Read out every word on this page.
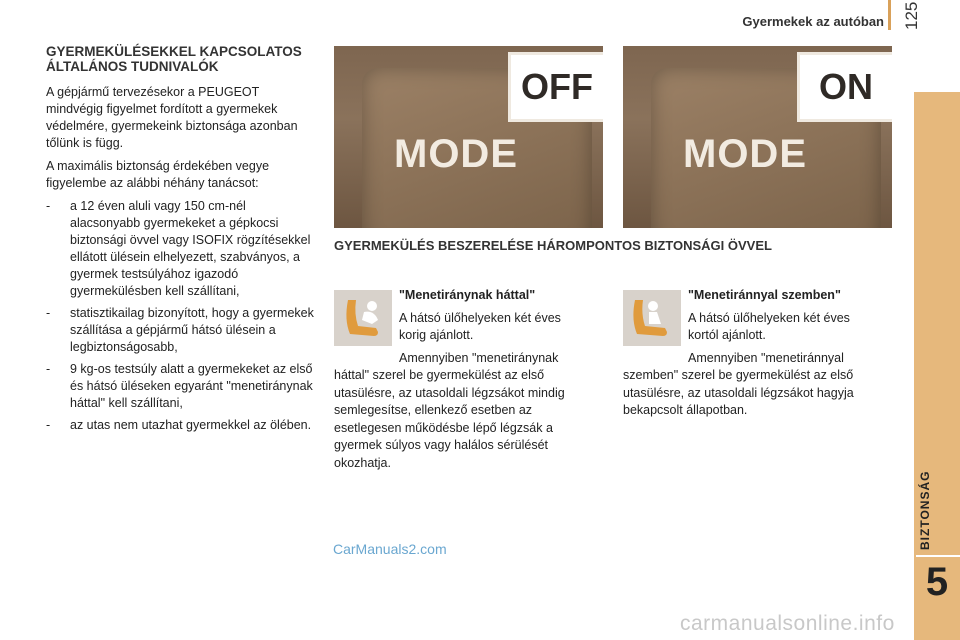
Gyermekek az autóban 125
BIZTONSÁG
5
GYERMEKÜLÉSEKKEL KAPCSOLATOS
ÁLTALÁNOS TUDNIVALÓK

A gépjármű tervezésekor a PEUGEOT mindvégig figyelmet fordított a gyermekek védelmére, gyermekeink biztonsága azonban tőlünk is függ.

A maximális biztonság érdekében vegye figyelembe az alábbi néhány tanácsot:

- a 12 éven aluli vagy 150 cm-nél alacsonyabb gyermekeket a gépkocsi biztonsági övvel vagy ISOFIX rögzítésekkel ellátott ülésein elhelyezett, szabványos, a gyermek testsúlyához igazodó gyermekülésben kell szállítani,
- statisztikailag bizonyított, hogy a gyermekek szállítása a gépjármű hátsó ülésein a legbiztonságosabb,
- 9 kg-os testsúly alatt a gyermekeket az első és hátsó üléseken egyaránt "menetiránynak háttal" kell szállítani,
- az utas nem utazhat gyermekkel az ölében.
MODE
OFF
MODE
ON
GYERMEKÜLÉS BESZERELÉSE HÁROMPONTOS BIZTONSÁGI ÖVVEL

"Menetiránynak háttal"

A hátsó ülőhelyeken két éves korig ajánlott.

Amennyiben "menetiránynak

háttal" szerel be gyermekülést az első utasülésre, az utasoldali légzsákot mindig semlegesítse, ellenkező esetben az esetlegesen működésbe lépő légzsák a gyermek súlyos vagy halálos sérülését okozhatja.

"Menetiránnyal szemben"

A hátsó ülőhelyeken két éves kortól ajánlott.

Amennyiben "menetiránnyal

szemben" szerel be gyermekülést az első utasülésre, az utasoldali légzsákot hagyja bekapcsolt állapotban.

CarManuals2.com
carmanualsonline.info
